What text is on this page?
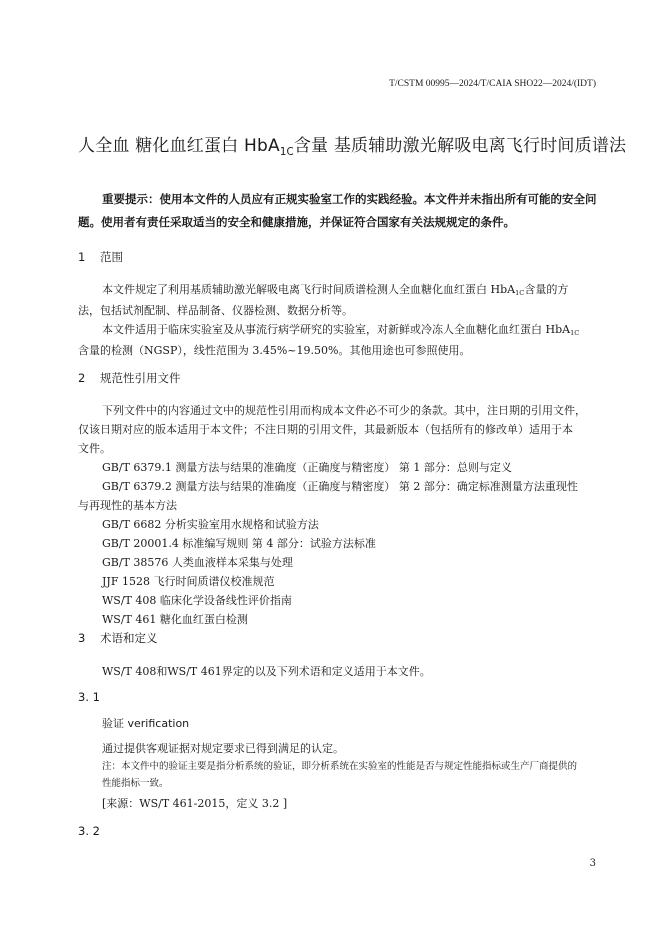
T/CSTM 00995—2024/T/CAIA SHO22—2024/(IDT)
人全血 糖化血红蛋白 HbA$_{1C}$含量 基质辅助激光解吸电离飞行时间质谱法
重要提示：使用本文件的人员应有正规实验室工作的实践经验。本文件并未指出所有可能的安全问
题。使用者有责任采取适当的安全和健康措施，并保证符合国家有关法规规定的条件。
1 范围
本文件规定了利用基质辅助激光解吸电离飞行时间质谱检测人全血糖化血红蛋白 HbA$_{1C}$含量的方
法，包括试剂配制、样品制备、仪器检测、数据分析等。
本文件适用于临床实验室及从事流行病学研究的实验室，对新鲜或冷冻人全血糖化血红蛋白 HbA$_{1C}$
含量的检测（NGSP），线性范围为 3.45%~19.50%。其他用途也可参照使用。
2 规范性引用文件
下列文件中的内容通过文中的规范性引用而构成本文件必不可少的条款。其中，注日期的引用文件，
仅该日期对应的版本适用于本文件；不注日期的引用文件，其最新版本（包括所有的修改单）适用于本
文件。
GB/T 6379.1 测量方法与结果的准确度（正确度与精密度） 第 1 部分：总则与定义
GB/T 6379.2 测量方法与结果的准确度（正确度与精密度） 第 2 部分：确定标准测量方法重现性
与再现性的基本方法
GB/T 6682 分析实验室用水规格和试验方法
GB/T 20001.4 标准编写规则 第 4 部分：试验方法标准
GB/T 38576 人类血液样本采集与处理
JJF 1528 飞行时间质谱仪校准规范
WS/T 408 临床化学设备线性评价指南
WS/T 461 糖化血红蛋白检测
3 术语和定义
WS/T 408和WS/T 461界定的以及下列术语和定义适用于本文件。
3. 1
验证 verification
通过提供客观证据对规定要求已得到满足的认定。
注：本文件中的验证主要是指分析系统的验证，即分析系统在实验室的性能是否与规定性能指标或生产厂商提供的
性能指标一致。
[来源：WS/T 461-2015，定义 3.2 ]
3. 2
3
